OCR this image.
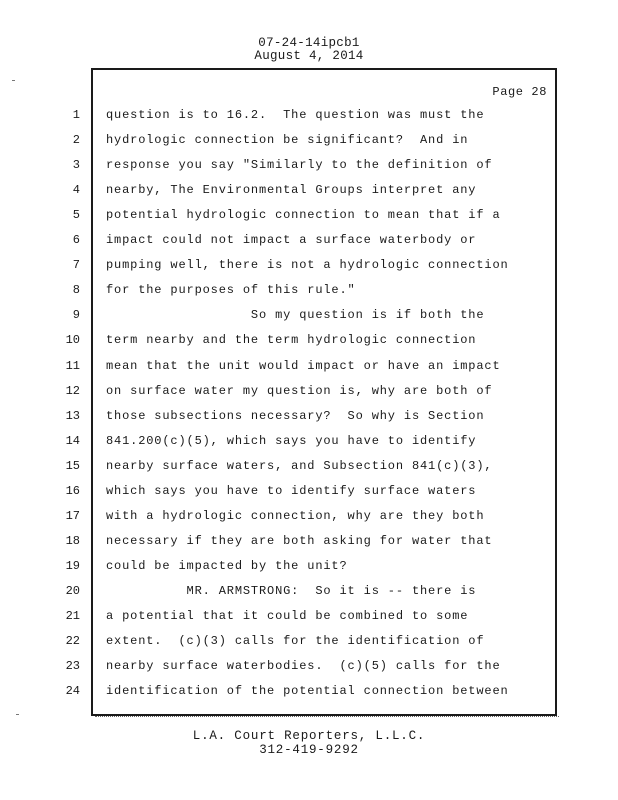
07-24-14ipcb1
August 4, 2014
Page 28
1 question is to 16.2.  The question was must the
2 hydrologic connection be significant?  And in
3 response you say "Similarly to the definition of
4 nearby, The Environmental Groups interpret any
5 potential hydrologic connection to mean that if a
6 impact could not impact a surface waterbody or
7 pumping well, there is not a hydrologic connection
8 for the purposes of this rule."
9 So my question is if both the
10 term nearby and the term hydrologic connection
11 mean that the unit would impact or have an impact
12 on surface water my question is, why are both of
13 those subsections necessary?  So why is Section
14 841.200(c)(5), which says you have to identify
15 nearby surface waters, and Subsection 841(c)(3),
16 which says you have to identify surface waters
17 with a hydrologic connection, why are they both
18 necessary if they are both asking for water that
19 could be impacted by the unit?
20 MR. ARMSTRONG:  So it is -- there is
21 a potential that it could be combined to some
22 extent.  (c)(3) calls for the identification of
23 nearby surface waterbodies.  (c)(5) calls for the
24 identification of the potential connection between
L.A. Court Reporters, L.L.C.
312-419-9292
